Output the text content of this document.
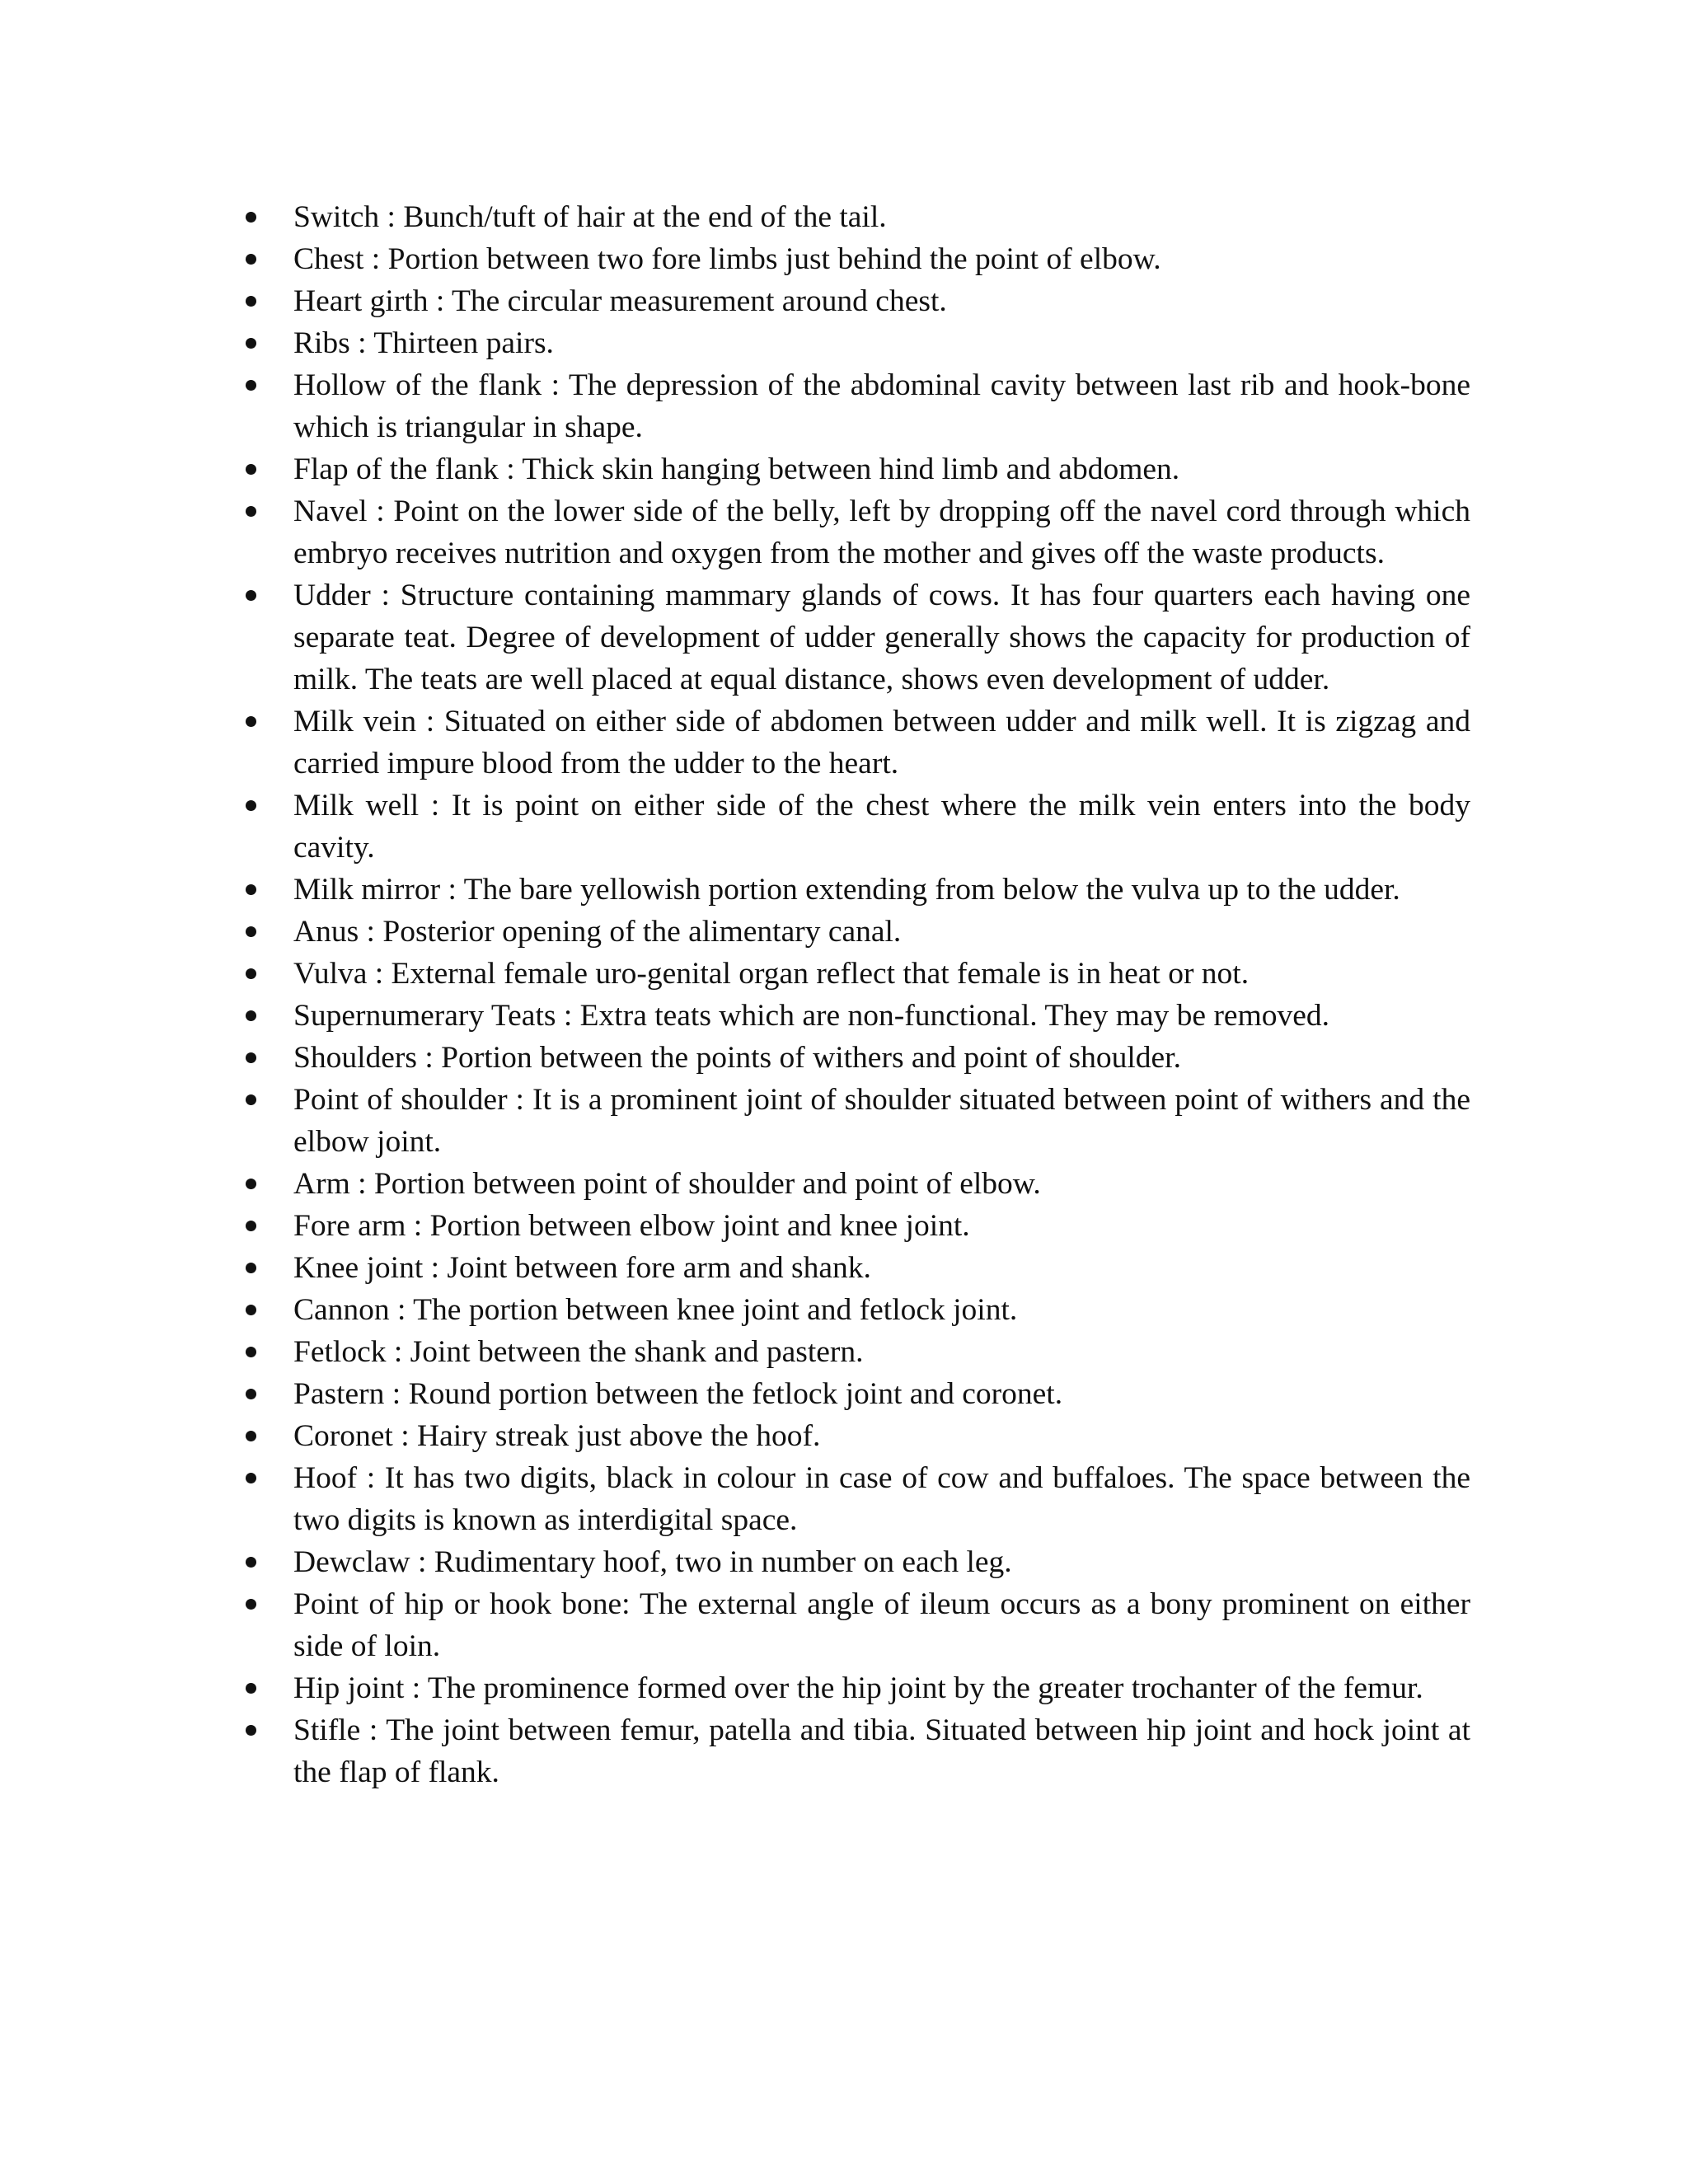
Switch : Bunch/tuft of hair at the end of the tail.
Chest : Portion between two fore limbs just behind the point of elbow.
Heart girth : The circular measurement around chest.
Ribs : Thirteen pairs.
Hollow of the flank : The depression of the abdominal cavity between last rib and hook-bone which is triangular in shape.
Flap of the flank : Thick skin hanging between hind limb and abdomen.
Navel : Point on the lower side of the belly, left by dropping off the navel cord through which embryo receives nutrition and oxygen from the mother and gives off the waste products.
Udder : Structure containing mammary glands of cows. It has four quarters each having one separate teat. Degree of development of udder generally shows the capacity for production of milk. The teats are well placed at equal distance, shows even development of udder.
Milk vein : Situated on either side of abdomen between udder and milk well. It is zigzag and carried impure blood from the udder to the heart.
Milk well : It is point on either side of the chest where the milk vein enters into the body cavity.
Milk mirror : The bare yellowish portion extending from below the vulva up to the udder.
Anus : Posterior opening of the alimentary canal.
Vulva : External female uro-genital organ reflect that female is in heat or not.
Supernumerary Teats : Extra teats which are non-functional. They may be removed.
Shoulders : Portion between the points of withers and point of shoulder.
Point of shoulder : It is a prominent joint of shoulder situated between point of withers and the elbow joint.
Arm : Portion between point of shoulder and point of elbow.
Fore arm : Portion between elbow joint and knee joint.
Knee joint : Joint between fore arm and shank.
Cannon : The portion between knee joint and fetlock joint.
Fetlock : Joint between the shank and pastern.
Pastern : Round portion between the fetlock joint and coronet.
Coronet : Hairy streak just above the hoof.
Hoof : It has two digits, black in colour in case of cow and buffaloes. The space between the two digits is known as interdigital space.
Dewclaw : Rudimentary hoof, two in number on each leg.
Point of hip or hook bone: The external angle of ileum occurs as a bony prominent on either side of loin.
Hip joint : The prominence formed over the hip joint by the greater trochanter of the femur.
Stifle : The joint between femur, patella and tibia. Situated between hip joint and hock joint at the flap of flank.
